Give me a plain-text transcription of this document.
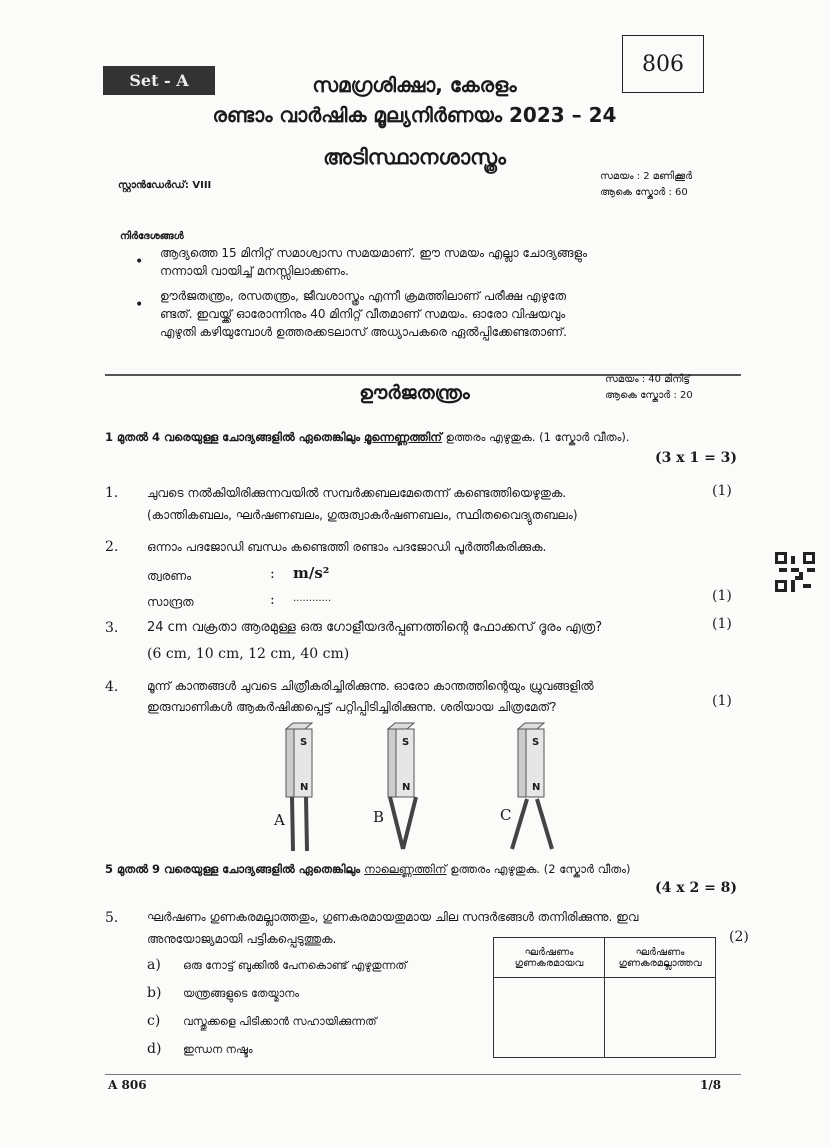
Set - A
806
സമഗ്രശിക്ഷാ, കേരളം
രണ്ടാം വാർഷിക മൂല്യനിർണയം 2023 – 24
അടിസ്ഥാനശാസ്ത്രം
സ്റ്റാൻഡേർഡ്: VIII
സമയം : 2 മണിക്കൂർ
ആകെ സ്കോർ : 60
നിർദേശങ്ങൾ
•
ആദ്യത്തെ 15 മിനിറ്റ് സമാശ്വാസ സമയമാണ്. ഈ സമയം എല്ലാ ചോദ്യങ്ങളും
നന്നായി വായിച്ച് മനസ്സിലാക്കണം.
•
ഊർജതന്ത്രം, രസതന്ത്രം, ജീവശാസ്ത്രം എന്നീ ക്രമത്തിലാണ് പരീക്ഷ എഴുതേ
ണ്ടത്. ഇവയ്ക്ക് ഓരോന്നിനും 40 മിനിറ്റ് വീതമാണ് സമയം. ഓരോ വിഷയവും
എഴുതി കഴിയുമ്പോൾ ഉത്തരക്കടലാസ് അധ്യാപകരെ ഏൽപ്പിക്കേണ്ടതാണ്.
ഊർജതന്ത്രം
സമയം : 40 മിനിട്ട്
ആകെ സ്കോർ : 20
1 മുതൽ 4 വരെയുള്ള ചോദ്യങ്ങളിൽ ഏതെങ്കിലും മൂന്നെണ്ണത്തിന് ഉത്തരം എഴുതുക. (1 സ്കോർ വീതം).
(3 x 1 = 3)
1. ചുവടെ നൽകിയിരിക്കുന്നവയിൽ സമ്പർക്കബലമേതെന്ന് കണ്ടെത്തിയെഴുതുക.	(1)
(കാന്തികബലം, ഘർഷണബലം, ഗുരുത്വാകർഷണബലം, സ്ഥിതവൈദ്യുതബലം)
2. ഒന്നാം പദജോഡി ബന്ധം കണ്ടെത്തി രണ്ടാം പദജോഡി പൂർത്തീകരിക്കുക.
ത്വരണം	: m/s²
സാന്ദ്രത	: ............	(1)
3. 24 cm വക്രതാ ആരമുള്ള ഒരു ഗോളീയദർപ്പണത്തിന്റെ ഫോക്കസ് ദൂരം എത്ര?	(1)
(6 cm, 10 cm, 12 cm, 40 cm)
4. മൂന്ന് കാന്തങ്ങൾ ചുവടെ ചിത്രീകരിച്ചിരിക്കുന്നു. ഓരോ കാന്തത്തിന്റെയും ധ്രുവങ്ങളിൽ
ഇരുമ്പാണികൾ ആകർഷിക്കപ്പെട്ട് പറ്റിപ്പിടിച്ചിരിക്കുന്നു. ശരിയായ ചിത്രമേത്?	(1)
S
N
S
N
S
N
A	B	C
5 മുതൽ 9 വരെയുള്ള ചോദ്യങ്ങളിൽ ഏതെങ്കിലും നാലെണ്ണത്തിന് ഉത്തരം എഴുതുക. (2 സ്കോർ വീതം)
(4 x 2 = 8)
5. ഘർഷണം ഗുണകരമല്ലാത്തതും, ഗുണകരമായതുമായ ചില സന്ദർഭങ്ങൾ തന്നിരിക്കുന്നു. ഇവ
അനുയോജ്യമായി പട്ടികപ്പെടുത്തുക.	(2)
a) ഒരു നോട്ട് ബുക്കിൽ പേനകൊണ്ട് എഴുതുന്നത്
b) യന്ത്രങ്ങളുടെ തേയ്മാനം
c) വസ്തുക്കളെ പിടിക്കാൻ സഹായിക്കുന്നത്
d) ഇന്ധന നഷ്ടം
ഘർഷണം
ഗുണകരമായവ	ഘർഷണം
ഗുണകരമല്ലാത്തവ

A 806	1/8
